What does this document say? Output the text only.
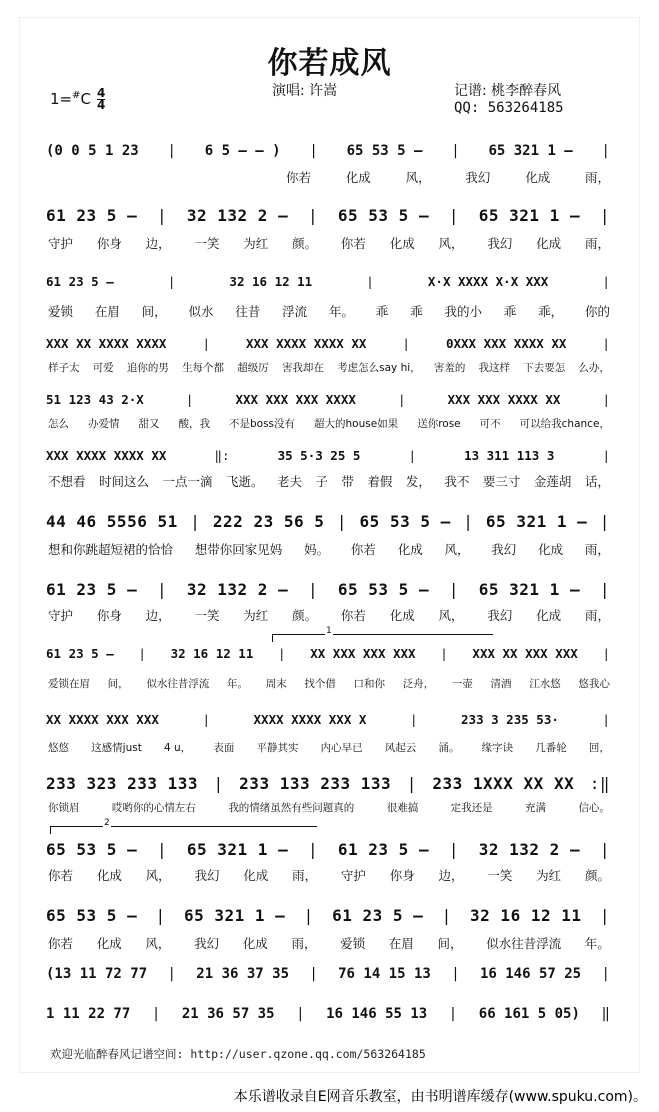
你若成风
$1=^{\#}C \frac{4}{4}$	演唱: 许嵩	记谱: 桃李醉春风
QQ: 563264185
(0 0 5 1 23 | 6 5 – – ) | 65 53 5 – | 65 321 1 – |
你若	化成	风，	我幻	化成	雨，
61 23 5 – | 32 132 2 – | 65 53 5 – | 65 321 1 – |
守护 你身 边， 一笑 为红 颜。 你若 化成 风， 我幻 化成 雨，
61 23 5 –	|	32 16 12 11	|	X·X XXXX X·X XXX	|
爱锁 在眉 间， 似水 往昔 浮流 年。 乖 乖 我的小 乖 乖， 你的
XXX XX XXXX XXXX	|	XXX XXXX XXXX XX	|	0XXX XXX XXXX XX	|
样子太 可爱 追你的男 生每个都 超级厉 害我却在 考虑怎么say hi， 害羞的 我这样 下去要怎 么办，
51 123 43 2·X	|	XXX XXX XXX XXXX	|	XXX XXX XXXX XX	|
怎么 办爱情 甜又 酸，我 不是boss没有 超大的house如果 送你rose 可不 可以给我chance，
XXX XXXX XXXX XX	‖:	35 5·3 25 5	|	13 311 113 3	|
不想看 时间这么 一点一滴 飞逝。 老夫 子 带 着假 发， 我不 要三寸 金莲胡 话，
44 46 5556 51 | 222 23 56 5 | 65 53 5 – | 65 321 1 – |
想和你跳超短裙的恰恰 想带你回家见妈 妈。 你若 化成 风， 我幻 化成 雨，
61 23 5 – | 32 132 2 – | 65 53 5 – | 65 321 1 – |
守护 你身 边， 一笑 为红 颜。 你若 化成 风， 我幻 化成 雨，
61 23 5 – | 32 16 12 11 | XX XXX XXX XXX | XXX XX XXX XXX |
爱锁在眉 间， 似水往昔浮流 年。 周末 找个借 口和你 泛舟， 一壶 清酒 江水悠 悠我心
XX XXXX XXX XXX	|	XXXX XXXX XXX X	|	233 3 235 53·	|
悠悠 这感情just 4 u， 表面 平静其实 内心早已 风起云 涌。 缘字诀 几番轮 回，
233 323 233 133 | 233 133 233 133 | 233 1XXX XX XX :‖
你锁眉	哎哟你的心情左右	我的情绪虽然有些问题真的	很难搞	定我还是	充满	信心。
65 53 5 – | 65 321 1 – | 61 23 5 – | 32 132 2 – |
你若 化成 风， 我幻 化成 雨， 守护 你身 边， 一笑 为红 颜。
65 53 5 – | 65 321 1 – | 61 23 5 – | 32 16 12 11 |
你若 化成 风， 我幻 化成 雨， 爱锁 在眉 间， 似水往昔浮流 年。
(13 11 72 77 | 21 36 37 35 | 76 14 15 13 | 16 146 57 25 |
1 11 22 77 | 21 36 57 35 | 16 146 55 13 | 66 161 5 05) ‖
1
2
欢迎光临醉春风记谱空间: http://user.qzone.qq.com/563264185
本乐谱收录自E网音乐教室，由书明谱库缓存(www.spuku.com)。
